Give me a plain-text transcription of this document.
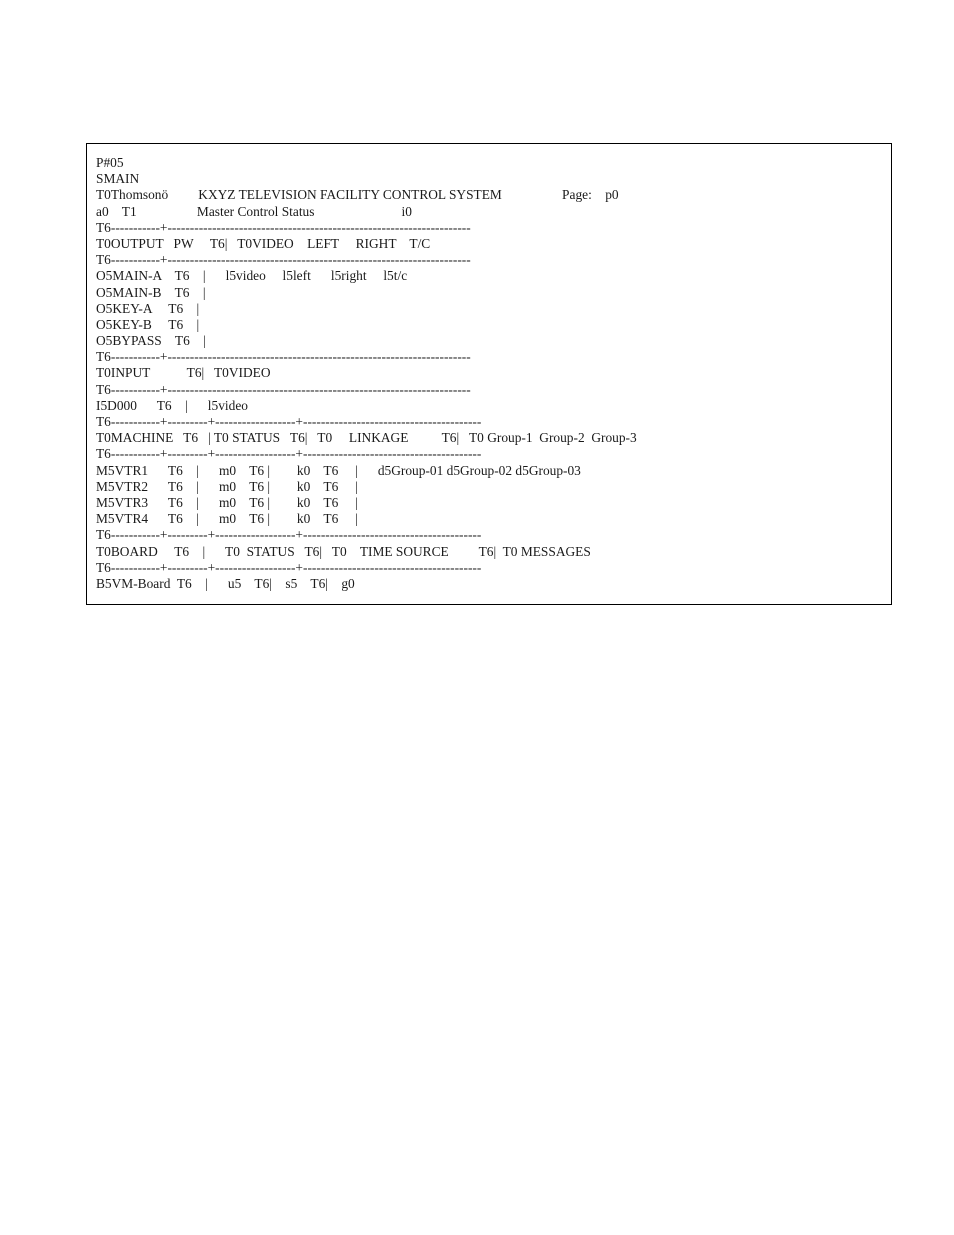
P#05
SMAIN
T0Thomsonö         KXYZ TELEVISION FACILITY CONTROL SYSTEM                  Page:    p0
a0    T1                  Master Control Status                          i0
T6-----------+--------------------------------------------------------------------
T0OUTPUT   PW     T6|   T0VIDEO    LEFT     RIGHT    T/C
T6-----------+--------------------------------------------------------------------
O5MAIN-A    T6    |      l5video     l5left      l5right     l5t/c
O5MAIN-B    T6    |
O5KEY-A     T6    |
O5KEY-B     T6    |
O5BYPASS    T6    |
T6-----------+--------------------------------------------------------------------
T0INPUT           T6|   T0VIDEO
T6-----------+--------------------------------------------------------------------
I5D000      T6    |      l5video
T6-----------+---------+------------------+----------------------------------------
T0MACHINE   T6   | T0 STATUS   T6|   T0     LINKAGE          T6|   T0 Group-1  Group-2  Group-3
T6-----------+---------+------------------+----------------------------------------
M5VTR1      T6    |      m0    T6 |        k0    T6     |      d5Group-01 d5Group-02 d5Group-03
M5VTR2      T6    |      m0    T6 |        k0    T6     |
M5VTR3      T6    |      m0    T6 |        k0    T6     |
M5VTR4      T6    |      m0    T6 |        k0    T6     |
T6-----------+---------+------------------+----------------------------------------
T0BOARD     T6    |      T0  STATUS   T6|   T0    TIME SOURCE         T6|  T0 MESSAGES
T6-----------+---------+------------------+----------------------------------------
B5VM-Board  T6    |      u5    T6|    s5    T6|    g0
